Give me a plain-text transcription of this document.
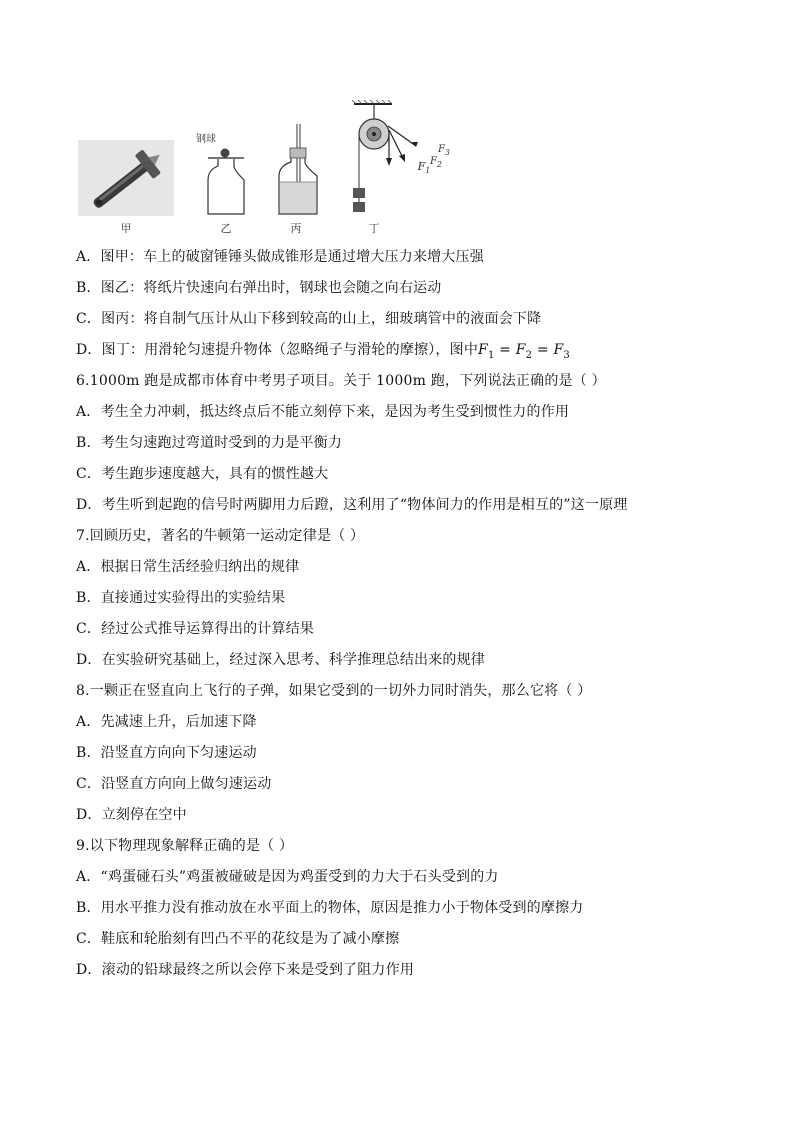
甲
钢球
乙	丙
$F_1$
$F_2$
$F_3$
丁
A．图甲：车上的破窗锤锤头做成锥形是通过增大压力来增大压强
B．图乙：将纸片快速向右弹出时，钢球也会随之向右运动
C．图丙：将自制气压计从山下移到较高的山上，细玻璃管中的液面会下降
D．图丁：用滑轮匀速提升物体（忽略绳子与滑轮的摩擦），图中$F_1 = F_2 = F_3$
6.1000m 跑是成都市体育中考男子项目。关于 1000m 跑，下列说法正确的是（ ）
A．考生全力冲刺，抵达终点后不能立刻停下来，是因为考生受到惯性力的作用
B．考生匀速跑过弯道时受到的力是平衡力
C．考生跑步速度越大，具有的惯性越大
D．考生听到起跑的信号时两脚用力后蹬，这利用了“物体间力的作用是相互的”这一原理
7.回顾历史，著名的牛顿第一运动定律是（ ）
A．根据日常生活经验归纳出的规律
B．直接通过实验得出的实验结果
C．经过公式推导运算得出的计算结果
D．在实验研究基础上，经过深入思考、科学推理总结出来的规律
8.一颗正在竖直向上飞行的子弹，如果它受到的一切外力同时消失，那么它将（ ）
A．先减速上升，后加速下降
B．沿竖直方向向下匀速运动
C．沿竖直方向向上做匀速运动
D．立刻停在空中
9.以下物理现象解释正确的是（ ）
A．“鸡蛋碰石头”鸡蛋被碰破是因为鸡蛋受到的力大于石头受到的力
B．用水平推力没有推动放在水平面上的物体，原因是推力小于物体受到的摩擦力
C．鞋底和轮胎刻有凹凸不平的花纹是为了减小摩擦
D．滚动的铅球最终之所以会停下来是受到了阻力作用
